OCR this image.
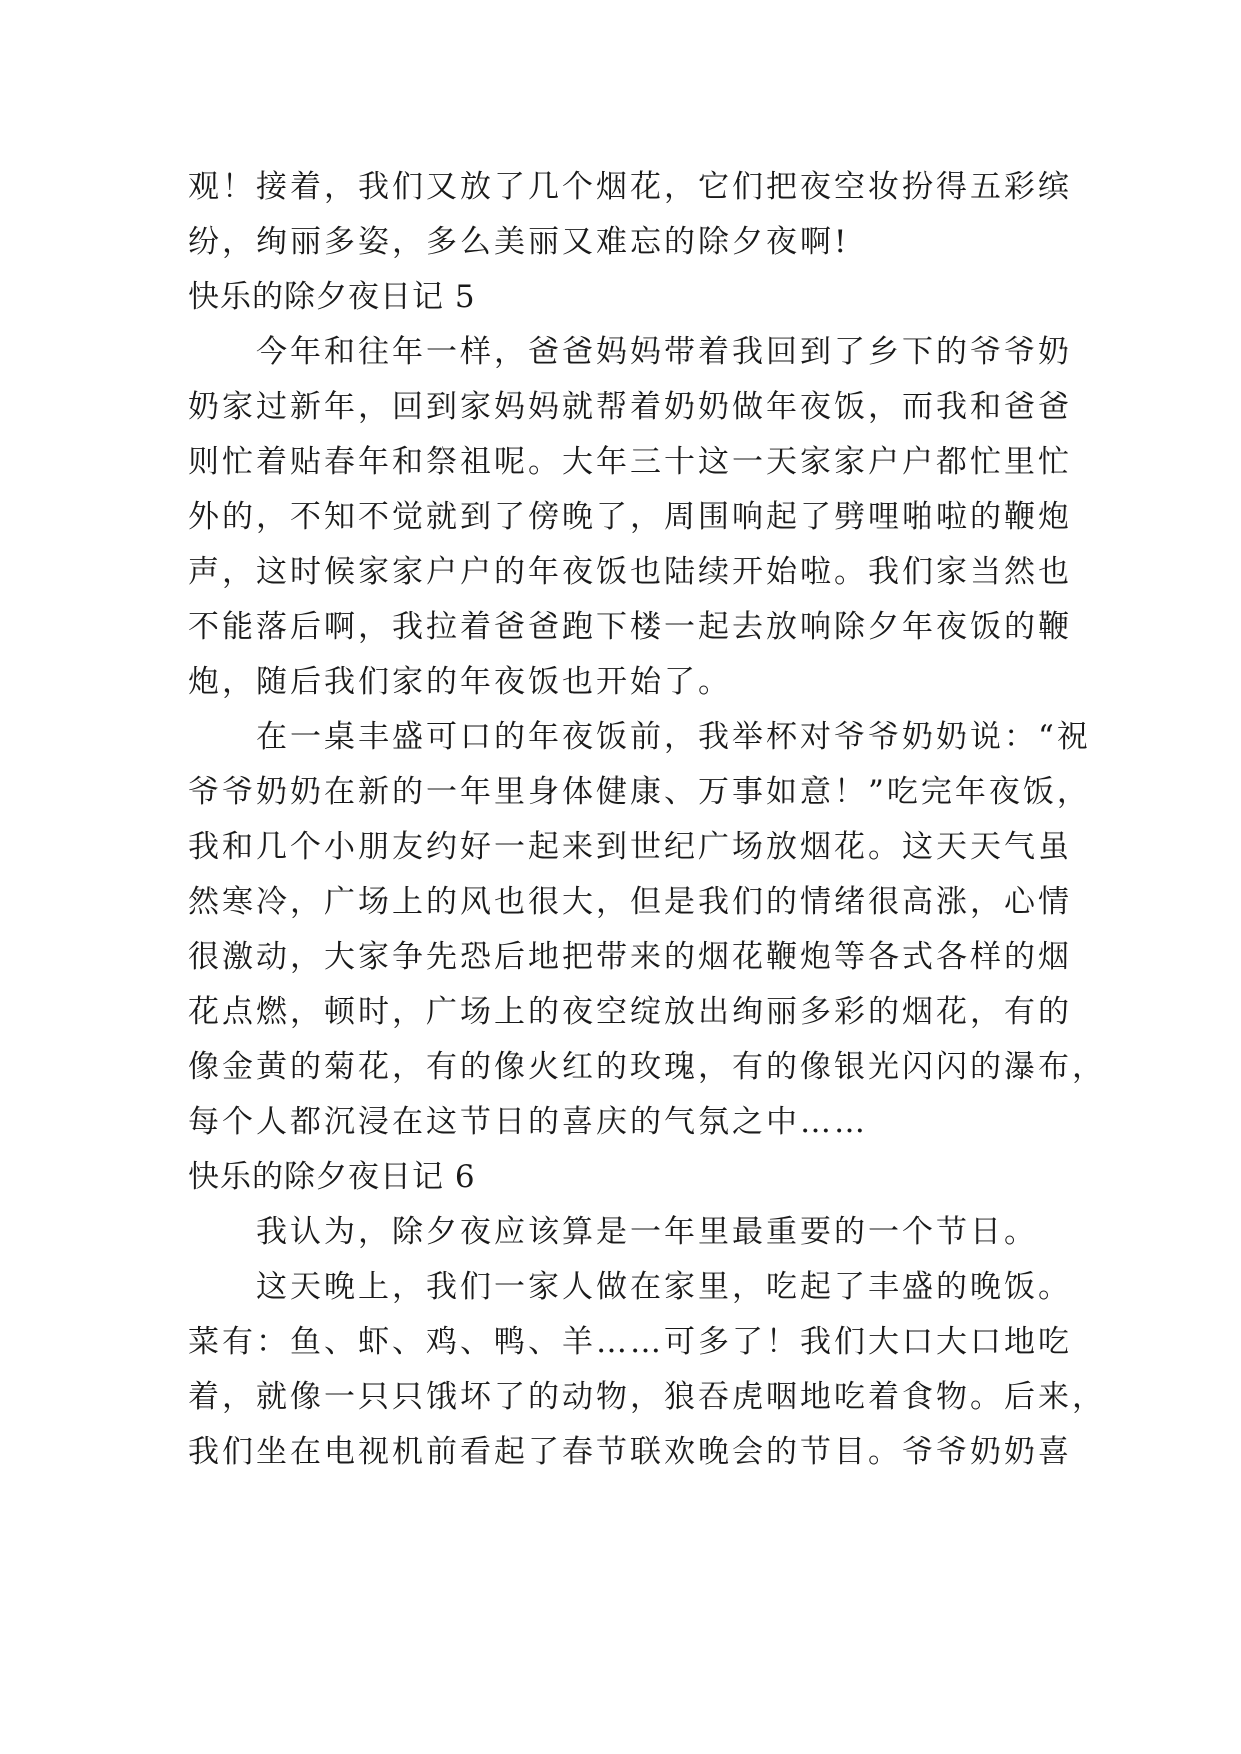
观！接着，我们又放了几个烟花，它们把夜空妆扮得五彩缤
纷，绚丽多姿，多么美丽又难忘的除夕夜啊!
快乐的除夕夜日记 5
今年和往年一样，爸爸妈妈带着我回到了乡下的爷爷奶
奶家过新年，回到家妈妈就帮着奶奶做年夜饭，而我和爸爸
则忙着贴春年和祭祖呢。大年三十这一天家家户户都忙里忙
外的，不知不觉就到了傍晚了，周围响起了劈哩啪啦的鞭炮
声，这时候家家户户的年夜饭也陆续开始啦。我们家当然也
不能落后啊，我拉着爸爸跑下楼一起去放响除夕年夜饭的鞭
炮，随后我们家的年夜饭也开始了。
在一桌丰盛可口的年夜饭前，我举杯对爷爷奶奶说：“祝
爷爷奶奶在新的一年里身体健康、万事如意！”吃完年夜饭，
我和几个小朋友约好一起来到世纪广场放烟花。这天天气虽
然寒冷，广场上的风也很大，但是我们的情绪很高涨，心情
很激动，大家争先恐后地把带来的烟花鞭炮等各式各样的烟
花点燃，顿时，广场上的夜空绽放出绚丽多彩的烟花，有的
像金黄的菊花，有的像火红的玫瑰，有的像银光闪闪的瀑布，
每个人都沉浸在这节日的喜庆的气氛之中……
快乐的除夕夜日记 6
我认为，除夕夜应该算是一年里最重要的一个节日。
这天晚上，我们一家人做在家里，吃起了丰盛的晚饭。
菜有：鱼、虾、鸡、鸭、羊……可多了！我们大口大口地吃
着，就像一只只饿坏了的动物，狼吞虎咽地吃着食物。后来，
我们坐在电视机前看起了春节联欢晚会的节目。爷爷奶奶喜
